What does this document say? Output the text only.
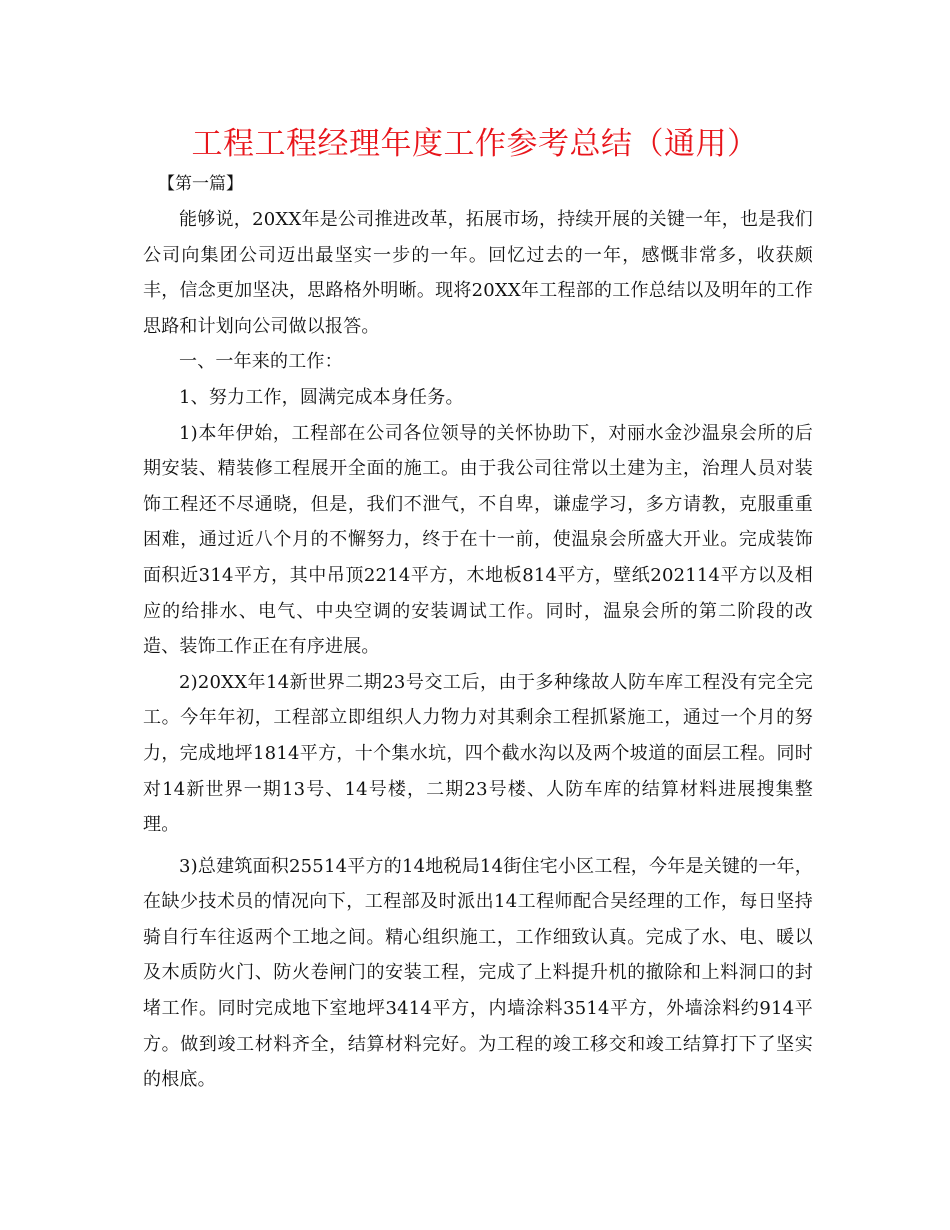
工程工程经理年度工作参考总结（通用）
【第一篇】

能够说，20XX年是公司推进改革，拓展市场，持续开展的关键一年，也是我们公司向集团公司迈出最坚实一步的一年。回忆过去的一年，感慨非常多，收获颇丰，信念更加坚决，思路格外明晰。现将20XX年工程部的工作总结以及明年的工作思路和计划向公司做以报答。

一、一年来的工作：

1、努力工作，圆满完成本身任务。

1)本年伊始，工程部在公司各位领导的关怀协助下，对丽水金沙温泉会所的后期安装、精装修工程展开全面的施工。由于我公司往常以土建为主，治理人员对装饰工程还不尽通晓，但是，我们不泄气，不自卑，谦虚学习，多方请教，克服重重困难，通过近八个月的不懈努力，终于在十一前，使温泉会所盛大开业。完成装饰面积近314平方，其中吊顶2214平方，木地板814平方，壁纸202114平方以及相应的给排水、电气、中央空调的安装调试工作。同时，温泉会所的第二阶段的改造、装饰工作正在有序进展。

2)20XX年14新世界二期23号交工后，由于多种缘故人防车库工程没有完全完工。今年年初，工程部立即组织人力物力对其剩余工程抓紧施工，通过一个月的努力，完成地坪1814平方，十个集水坑，四个截水沟以及两个坡道的面层工程。同时对14新世界一期13号、14号楼，二期23号楼、人防车库的结算材料进展搜集整理。

3)总建筑面积25514平方的14地税局14街住宅小区工程，今年是关键的一年，在缺少技术员的情况向下，工程部及时派出14工程师配合吴经理的工作，每日坚持骑自行车往返两个工地之间。精心组织施工，工作细致认真。完成了水、电、暖以及木质防火门、防火卷闸门的安装工程，完成了上料提升机的撤除和上料洞口的封堵工作。同时完成地下室地坪3414平方，内墙涂料3514平方，外墙涂料约914平方。做到竣工材料齐全，结算材料完好。为工程的竣工移交和竣工结算打下了坚实的根底。
